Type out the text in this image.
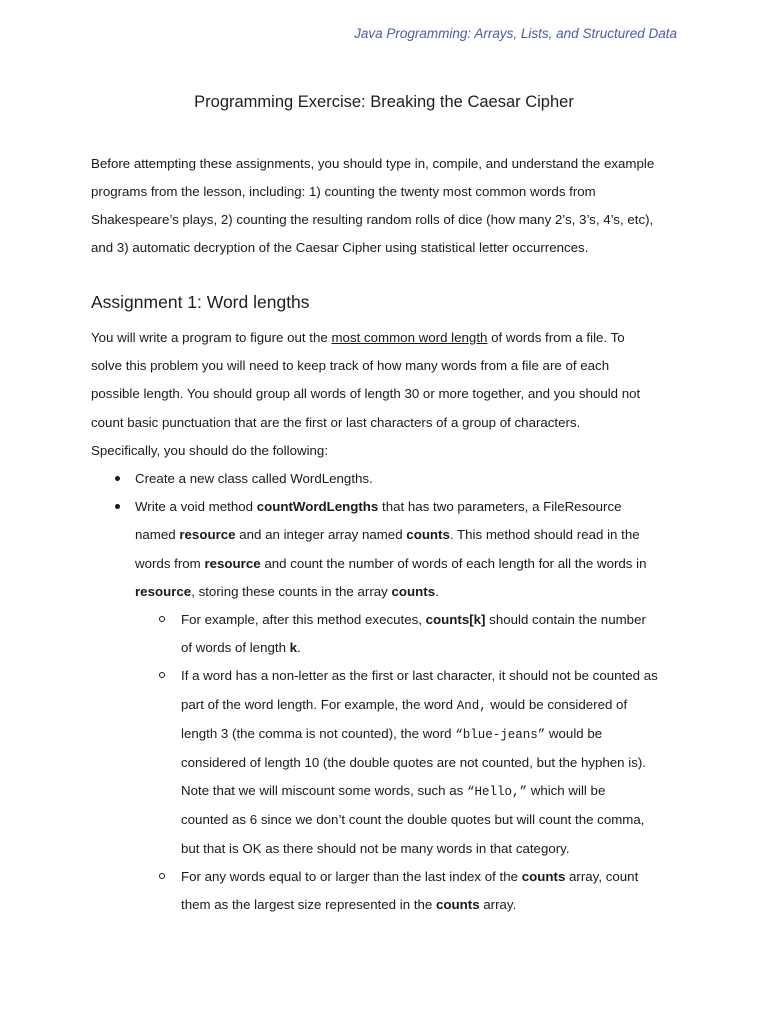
Java Programming: Arrays, Lists, and Structured Data
Programming Exercise: Breaking the Caesar Cipher
Before attempting these assignments, you should type in, compile, and understand the example
programs from the lesson, including: 1) counting the twenty most common words from
Shakespeare’s plays, 2) counting the resulting random rolls of dice (how many 2’s, 3’s, 4’s, etc),
and 3) automatic decryption of the Caesar Cipher using statistical letter occurrences.
Assignment 1: Word lengths
You will write a program to figure out the most common word length of words from a file. To
solve this problem you will need to keep track of how many words from a file are of each
possible length. You should group all words of length 30 or more together, and you should not
count basic punctuation that are the first or last characters of a group of characters.
Specifically, you should do the following:
Create a new class called WordLengths.
Write a void method countWordLengths that has two parameters, a FileResource
named resource and an integer array named counts. This method should read in the
words from resource and count the number of words of each length for all the words in
resource, storing these counts in the array counts.
For example, after this method executes, counts[k] should contain the number
of words of length k.
If a word has a non-letter as the first or last character, it should not be counted as
part of the word length. For example, the word And, would be considered of
length 3 (the comma is not counted), the word “blue-jeans” would be
considered of length 10 (the double quotes are not counted, but the hyphen is).
Note that we will miscount some words, such as “Hello,” which will be
counted as 6 since we don’t count the double quotes but will count the comma,
but that is OK as there should not be many words in that category.
For any words equal to or larger than the last index of the counts array, count
them as the largest size represented in the counts array.
